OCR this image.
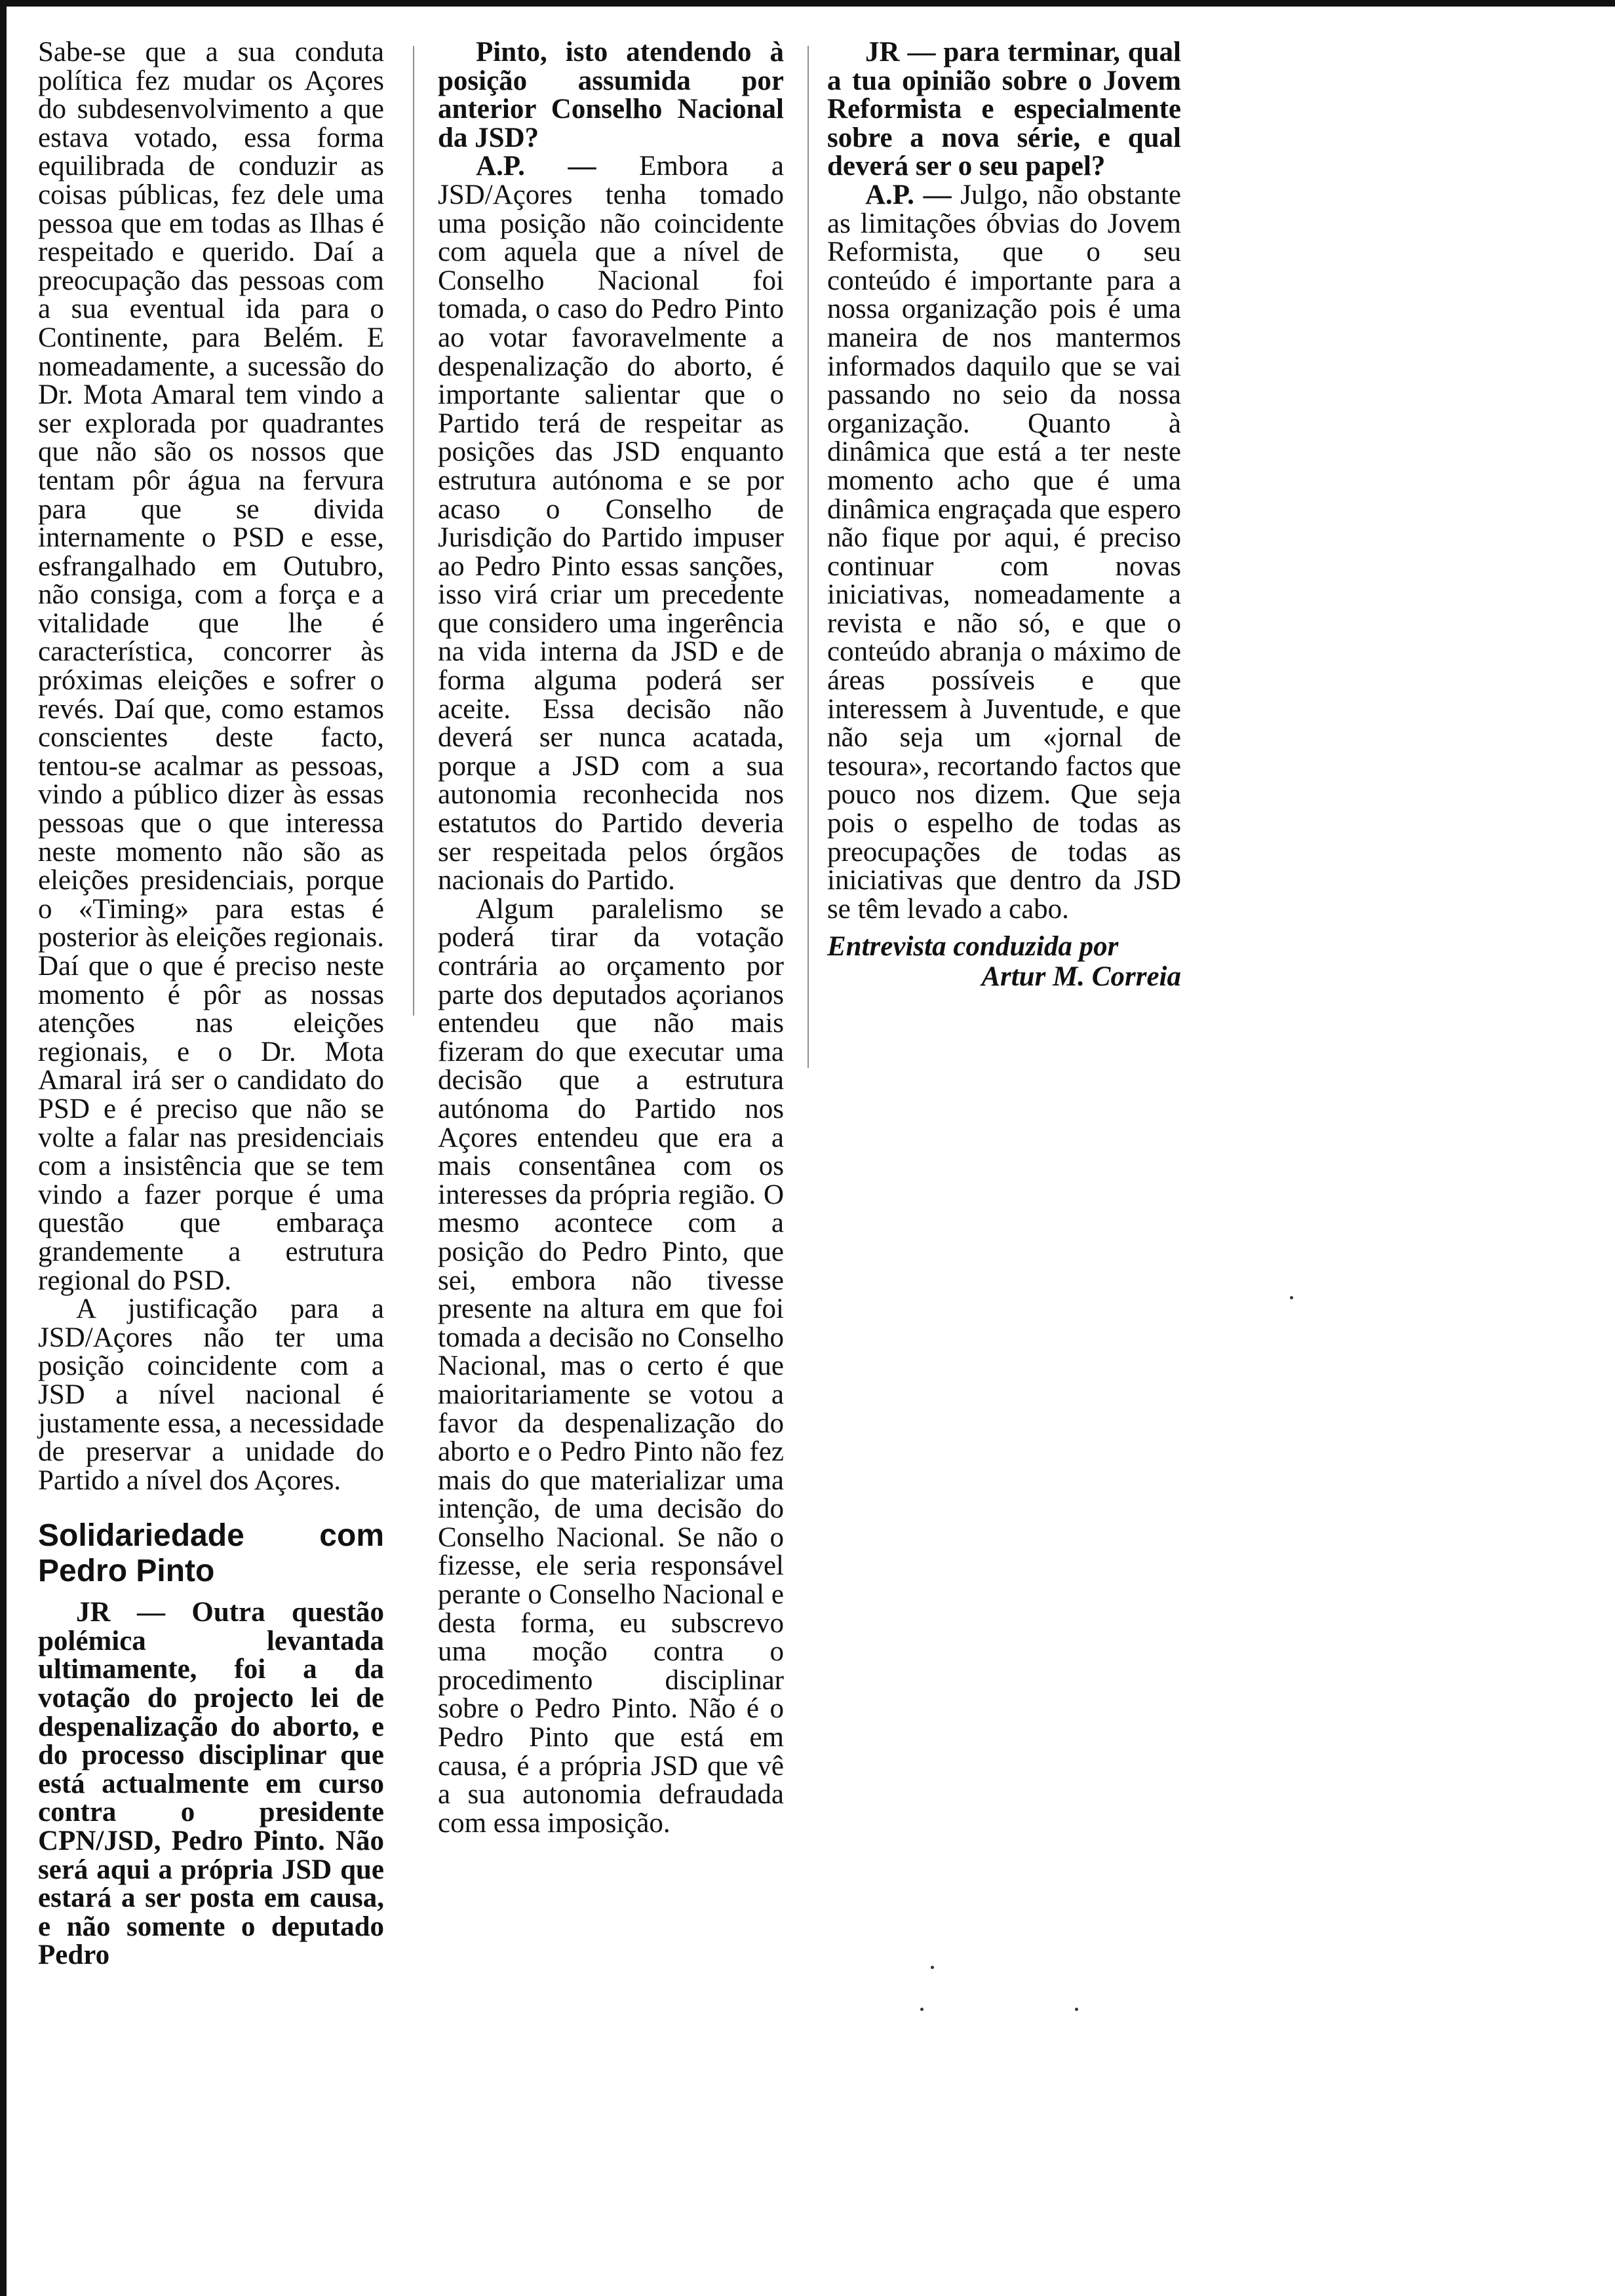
Sabe-se que a sua conduta política fez mudar os Açores do subdesenvolvimento a que estava votado, essa forma equilibrada de conduzir as coisas públicas, fez dele uma pessoa que em todas as Ilhas é respeitado e querido. Daí a preocupação das pessoas com a sua eventual ida para o Continente, para Belém. E nomeadamente, a sucessão do Dr. Mota Amaral tem vindo a ser explorada por quadrantes que não são os nossos que tentam pôr água na fervura para que se divida internamente o PSD e esse, esfrangalhado em Outubro, não consiga, com a força e a vitalidade que lhe é característica, concorrer às próximas eleições e sofrer o revés. Daí que, como estamos conscientes deste facto, tentou-se acalmar as pessoas, vindo a público dizer às essas pessoas que o que interessa neste momento não são as eleições presidenciais, porque o «Timing» para estas é posterior às eleições regionais. Daí que o que é preciso neste momento é pôr as nossas atenções nas eleições regionais, e o Dr. Mota Amaral irá ser o candidato do PSD e é preciso que não se volte a falar nas presidenciais com a insistência que se tem vindo a fazer porque é uma questão que embaraça grandemente a estrutura regional do PSD.

A justificação para a JSD/Açores não ter uma posição coincidente com a JSD a nível nacional é justamente essa, a necessidade de preservar a unidade do Partido a nível dos Açores.

Solidariedade com Pedro Pinto

JR — Outra questão polémica levantada ultimamente, foi a da votação do projecto lei de despenalização do aborto, e do processo disciplinar que está actualmente em curso contra o presidente CPN/JSD, Pedro Pinto. Não será aqui a própria JSD que estará a ser posta em causa, e não somente o deputado Pedro

Pinto, isto atendendo à posição assumida por anterior Conselho Nacional da JSD?

A.P. — Embora a JSD/Açores tenha tomado uma posição não coincidente com aquela que a nível de Conselho Nacional foi tomada, o caso do Pedro Pinto ao votar favoravelmente a despenalização do aborto, é importante salientar que o Partido terá de respeitar as posições das JSD enquanto estrutura autónoma e se por acaso o Conselho de Jurisdição do Partido impuser ao Pedro Pinto essas sanções, isso virá criar um precedente que considero uma ingerência na vida interna da JSD e de forma alguma poderá ser aceite. Essa decisão não deverá ser nunca acatada, porque a JSD com a sua autonomia reconhecida nos estatutos do Partido deveria ser respeitada pelos órgãos nacionais do Partido.

Algum paralelismo se poderá tirar da votação contrária ao orçamento por parte dos deputados açorianos entendeu que não mais fizeram do que executar uma decisão que a estrutura autónoma do Partido nos Açores entendeu que era a mais consentânea com os interesses da própria região. O mesmo acontece com a posição do Pedro Pinto, que sei, embora não tivesse presente na altura em que foi tomada a decisão no Conselho Nacional, mas o certo é que maioritariamente se votou a favor da despenalização do aborto e o Pedro Pinto não fez mais do que materializar uma intenção, de uma decisão do Conselho Nacional. Se não o fizesse, ele seria responsável perante o Conselho Nacional e desta forma, eu subscrevo uma moção contra o procedimento disciplinar sobre o Pedro Pinto. Não é o Pedro Pinto que está em causa, é a própria JSD que vê a sua autonomia defraudada com essa imposição.

JR — para terminar, qual a tua opinião sobre o Jovem Reformista e especialmente sobre a nova série, e qual deverá ser o seu papel?

A.P. — Julgo, não obstante as limitações óbvias do Jovem Reformista, que o seu conteúdo é importante para a nossa organização pois é uma maneira de nos mantermos informados daquilo que se vai passando no seio da nossa organização. Quanto à dinâmica que está a ter neste momento acho que é uma dinâmica engraçada que espero não fique por aqui, é preciso continuar com novas iniciativas, nomeadamente a revista e não só, e que o conteúdo abranja o máximo de áreas possíveis e que interessem à Juventude, e que não seja um «jornal de tesoura», recortando factos que pouco nos dizem. Que seja pois o espelho de todas as preocupações de todas as iniciativas que dentro da JSD se têm levado a cabo.

Entrevista conduzida por
Artur M. Correia
